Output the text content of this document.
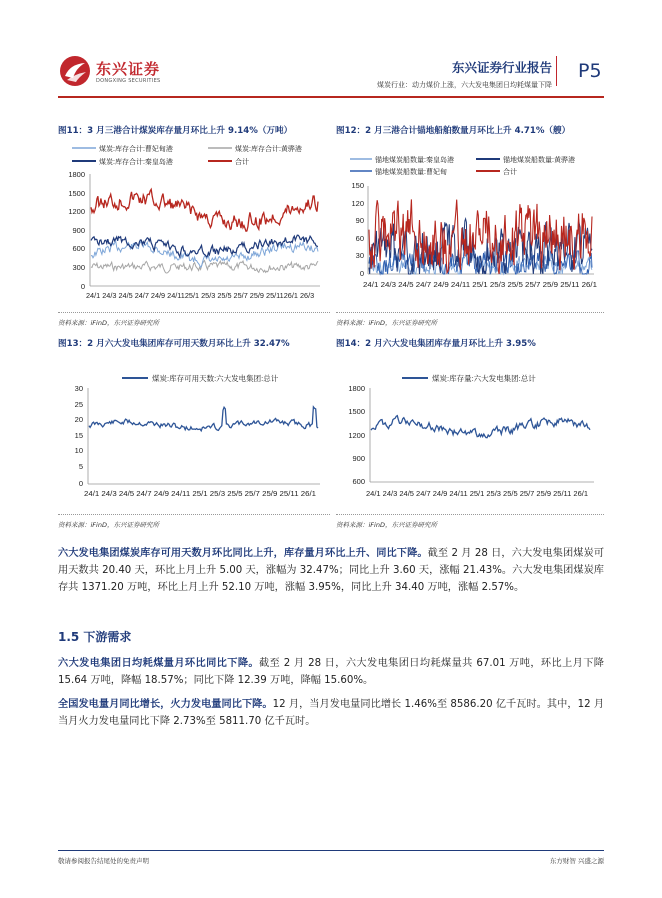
东兴证券
DONGXING SECURITIES
东兴证券行业报告
煤炭行业：动力煤价上涨，六大发电集团日均耗煤量下降
P5
图11：3 月三港合计煤炭库存量月环比上升 9.14%（万吨）
煤炭:库存合计:曹妃甸港	煤炭:库存合计:黄骅港
煤炭:库存合计:秦皇岛港	合计
1800
1500
1200
900
600
300
0
24/1 24/3 24/5 24/7 24/9 24/1125/1 25/3 25/5 25/7 25/9 25/1126/1 26/3
资料来源：iFinD，东兴证券研究所
图12：2 月三港合计锚地船舶数量月环比上升 4.71%（艘）
锚地煤炭船数量:秦皇岛港	锚地煤炭船数量:黄骅港
锚地煤炭船数量:曹妃甸	合计
150
120
90
60
30
0
24/1 24/3 24/5 24/7 24/9 24/11 25/1 25/3 25/5 25/7 25/9 25/11 26/1
资料来源：iFinD，东兴证券研究所
图13：2 月六大发电集团库存可用天数月环比上升 32.47%
煤炭:库存可用天数:六大发电集团:总计
30
25
20
15
10
5
0
24/1 24/3 24/5 24/7 24/9 24/11 25/1 25/3 25/5 25/7 25/9 25/11 26/1
资料来源：iFinD，东兴证券研究所
图14：2 月六大发电集团库存量月环比上升 3.95%
煤炭:库存量:六大发电集团:总计
1800
1500
1200
900
600
24/1 24/3 24/5 24/7 24/9 24/11 25/1 25/3 25/5 25/7 25/9 25/11 26/1
资料来源：iFinD，东兴证券研究所
六大发电集团煤炭库存可用天数月环比同比上升，库存量月环比上升、同比下降。截至 2 月 28 日，六大发电集团煤炭可用天数共 20.40 天，环比上月上升 5.00 天，涨幅为 32.47%；同比上升 3.60 天，涨幅 21.43%。六大发电集团煤炭库存共 1371.20 万吨，环比上月上升 52.10 万吨，涨幅 3.95%，同比上升 34.40 万吨，涨幅 2.57%。
1.5 下游需求
六大发电集团日均耗煤量月环比同比下降。截至 2 月 28 日，六大发电集团日均耗煤量共 67.01 万吨，环比上月下降 15.64 万吨，降幅 18.57%；同比下降 12.39 万吨，降幅 15.60%。
全国发电量月同比增长，火力发电量同比下降。12 月，当月发电量同比增长 1.46%至 8586.20 亿千瓦时。其中，12 月当月火力发电量同比下降 2.73%至 5811.70 亿千瓦时。
敬请参阅报告结尾处的免责声明	东方财智 兴盛之源
